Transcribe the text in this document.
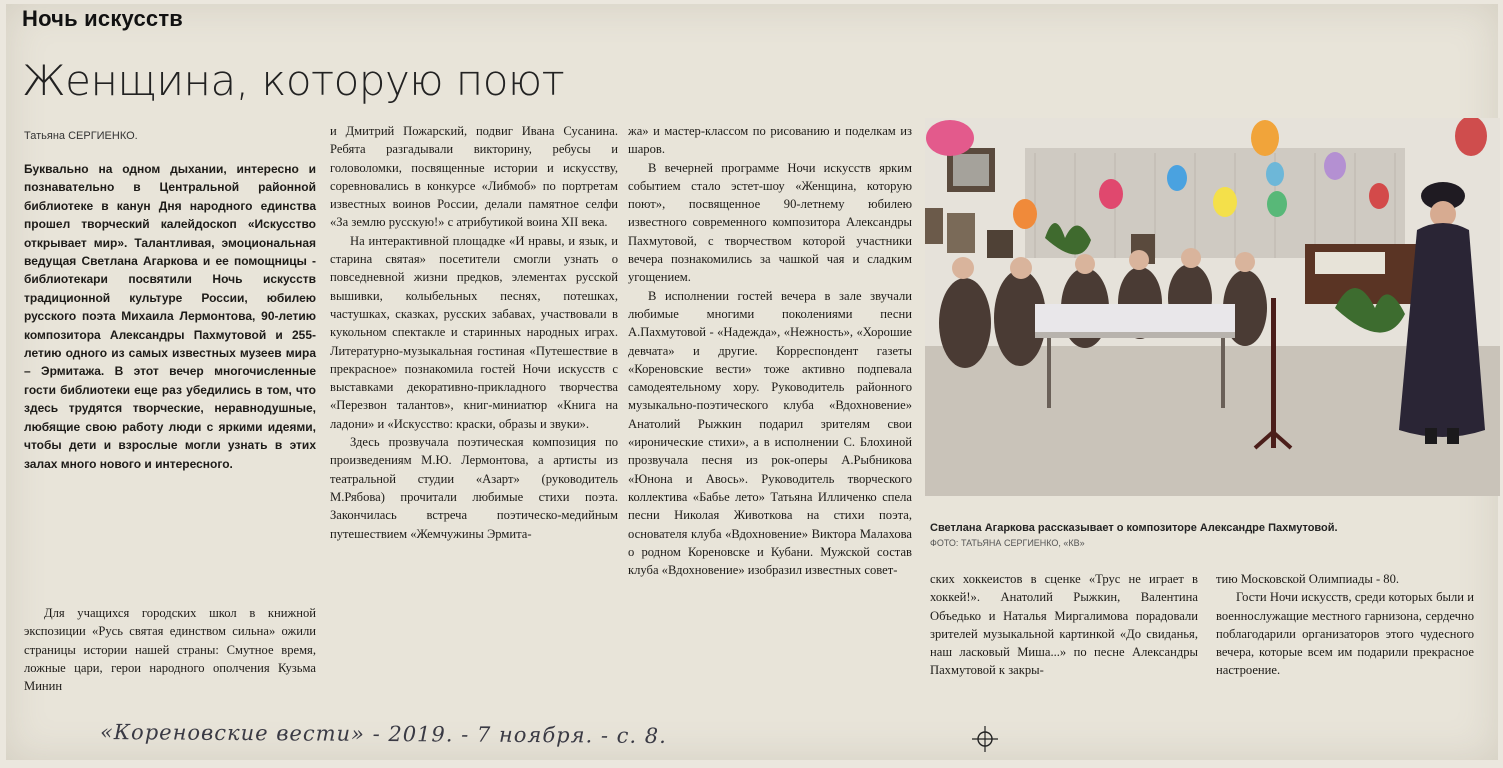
Ночь искусств
Женщина, которую поют
Татьяна СЕРГИЕНКО.
Буквально на одном дыхании, интересно и познавательно в Центральной районной библиотеке в канун Дня народного единства прошел творческий калейдоскоп «Искусство открывает мир». Талантливая, эмоциональная ведущая Светлана Агаркова и ее помощницы - библиотекари посвятили Ночь искусств традиционной культуре России, юбилею русского поэта Михаила Лермонтова, 90-летию композитора Александры Пахмутовой и 255-летию одного из самых известных музеев мира – Эрмитажа. В этот вечер многочисленные гости библиотеки еще раз убедились в том, что здесь трудятся творческие, неравнодушные, любящие свою работу люди с яркими идеями, чтобы дети и взрослые могли узнать в этих залах много нового и интересного.

Для учащихся городских школ в книжной экспозиции «Русь святая единством сильна» ожили страницы истории нашей страны: Смутное время, ложные цари, герои народного ополчения Кузьма Минин

и Дмитрий Пожарский, подвиг Ивана Сусанина. Ребята разгадывали викторину, ребусы и головоломки, посвященные истории и искусству, соревновались в конкурсе «Либмоб» по портретам известных воинов России, делали памятное селфи «За землю русскую!» с атрибутикой воина XII века.

На интерактивной площадке «И нравы, и язык, и старина святая» посетители смогли узнать о повседневной жизни предков, элементах русской вышивки, колыбельных песнях, потешках, частушках, сказках, русских забавах, участвовали в кукольном спектакле и старинных народных играх. Литературно-музыкальная гостиная «Путешествие в прекрасное» познакомила гостей Ночи искусств с выставками декоративно-прикладного творчества «Перезвон талантов», книг-миниатюр «Книга на ладони» и «Искусство: краски, образы и звуки».

Здесь прозвучала поэтическая композиция по произведениям М.Ю. Лермонтова, а артисты из театральной студии «Азарт» (руководитель М.Рябова) прочитали любимые стихи поэта. Закончилась встреча поэтическо-медийным путешествием «Жемчужины Эрмита-

жа» и мастер-классом по рисованию и поделкам из шаров.

В вечерней программе Ночи искусств ярким событием стало эстет-шоу «Женщина, которую поют», посвященное 90-летнему юбилею известного современного композитора Александры Пахмутовой, с творчеством которой участники вечера познакомились за чашкой чая и сладким угощением.

В исполнении гостей вечера в зале звучали любимые многими поколениями песни А.Пахмутовой - «Надежда», «Нежность», «Хорошие девчата» и другие. Корреспондент газеты «Кореновские вести» тоже активно подпевала самодеятельному хору. Руководитель районного музыкально-поэтического клуба «Вдохновение» Анатолий Рыжкин подарил зрителям свои «иронические стихи», а в исполнении С. Блохиной прозвучала песня из рок-оперы А.Рыбникова «Юнона и Авось». Руководитель творческого коллектива «Бабье лето» Татьяна Илличенко спела песни Николая Животкова на стихи поэта, основателя клуба «Вдохновение» Виктора Малахова о родном Кореновске и Кубани. Мужской состав клуба «Вдохновение» изобразил известных совет-

Светлана Агаркова рассказывает о композиторе Александре Пахмутовой.
ФОТО: ТАТЬЯНА СЕРГИЕНКО, «КВ»

ских хоккеистов в сценке «Трус не играет в хоккей!». Анатолий Рыжкин, Валентина Объедько и Наталья Миргалимова порадовали зрителей музыкальной картинкой «До свиданья, наш ласковый Миша...» по песне Александры Пахмутовой к закры-

тию Московской Олимпиады - 80.

Гости Ночи искусств, среди которых были и военнослужащие местного гарнизона, сердечно поблагодарили организаторов этого чудесного вечера, которые всем им подарили прекрасное настроение.

«Кореновские вести» - 2019. - 7 ноября. - с. 8.
